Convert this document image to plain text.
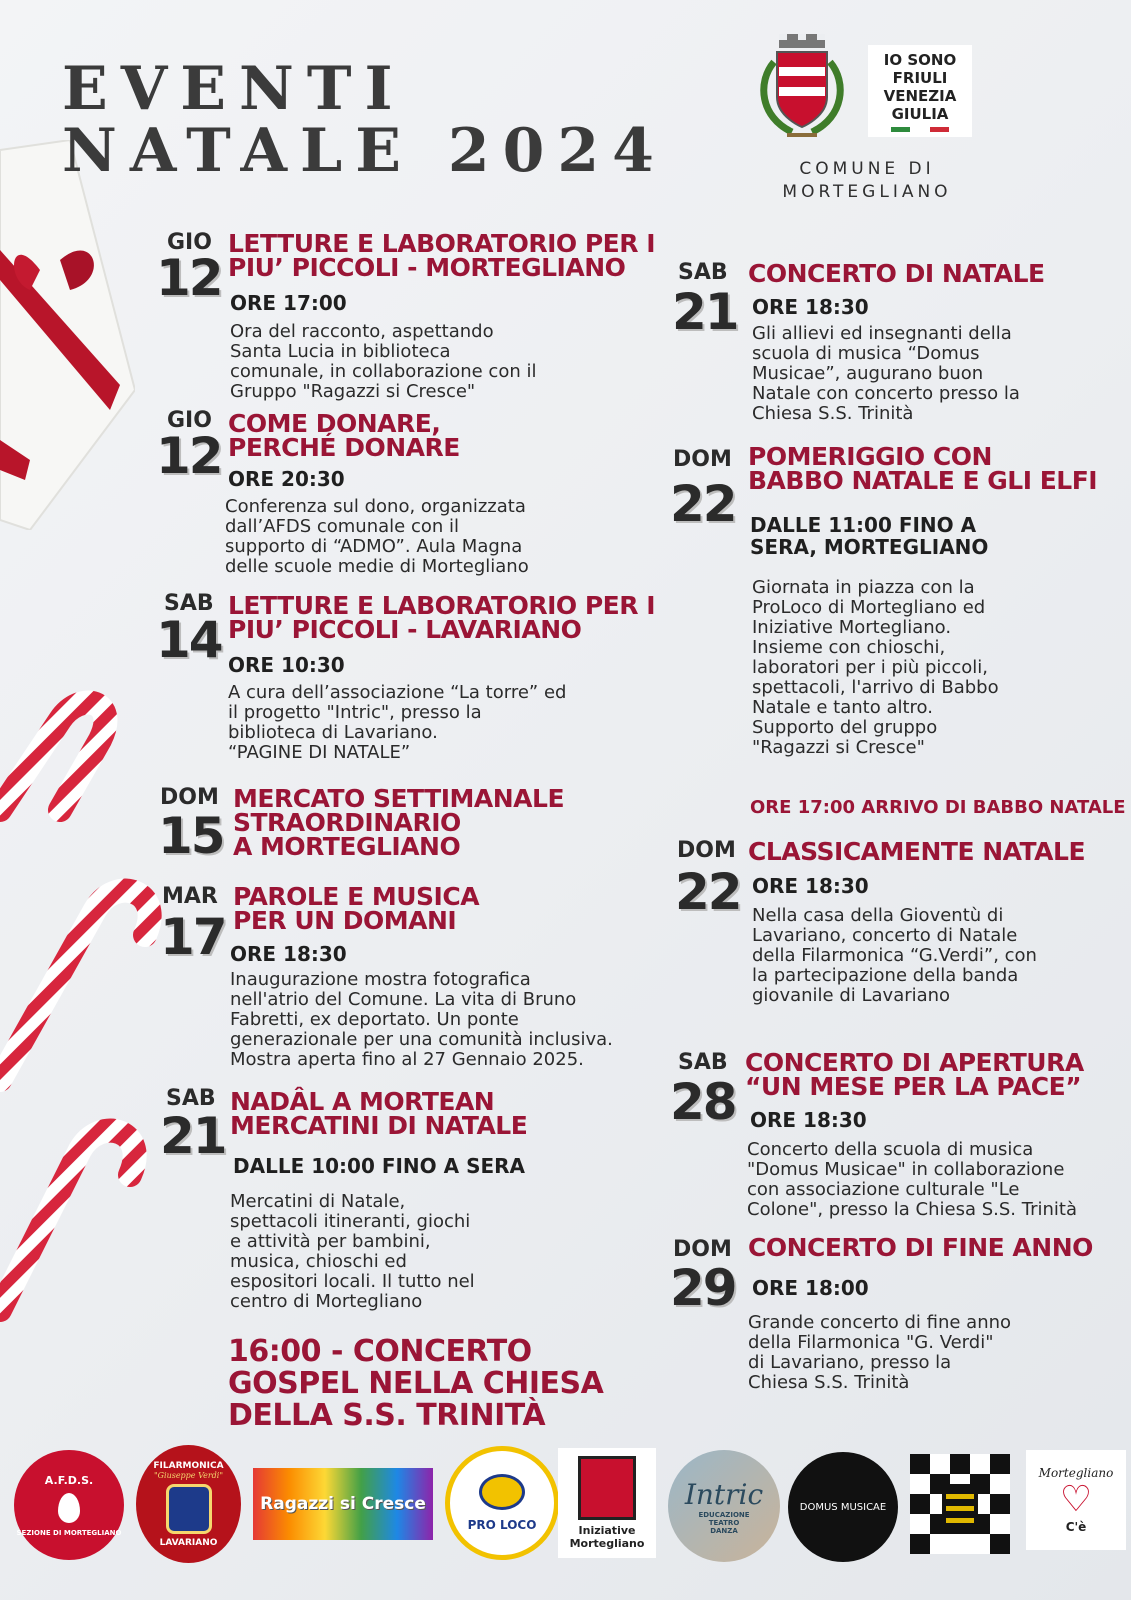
EVENTI
NATALE 2024
IO SONO
FRIULI
VENEZIA
GIULIA
COMUNE DI
MORTEGLIANO
GIO
12
LETTURE E LABORATORIO PER I
PIU’ PICCOLI - MORTEGLIANO
ORE 17:00
Ora del racconto, aspettando
Santa Lucia in biblioteca
comunale, in collaborazione con il
Gruppo "Ragazzi si Cresce"
GIO
12
COME DONARE,
PERCHÉ DONARE
ORE 20:30
Conferenza sul dono, organizzata
dall’AFDS comunale con il
supporto di “ADMO”. Aula Magna
delle scuole medie di Mortegliano
SAB
14
LETTURE E LABORATORIO PER I
PIU’ PICCOLI - LAVARIANO
ORE 10:30
A cura dell’associazione “La torre” ed
il progetto "Intric", presso la
biblioteca di Lavariano.
“PAGINE DI NATALE”
DOM
15
MERCATO SETTIMANALE
STRAORDINARIO
A MORTEGLIANO
MAR
17
PAROLE E MUSICA
PER UN DOMANI
ORE 18:30
Inaugurazione mostra fotografica
nell'atrio del Comune. La vita di Bruno
Fabretti, ex deportato. Un ponte
generazionale per una comunità inclusiva.
Mostra aperta fino al 27 Gennaio 2025.
SAB
21
NADÂL A MORTEAN
MERCATINI DI NATALE
DALLE 10:00 FINO A SERA
Mercatini di Natale,
spettacoli itineranti, giochi
e attività per bambini,
musica, chioschi ed
espositori locali. Il tutto nel
centro di Mortegliano
16:00 - CONCERTO
GOSPEL NELLA CHIESA
DELLA S.S. TRINITÀ
SAB
21
CONCERTO DI NATALE
ORE 18:30
Gli allievi ed insegnanti della
scuola di musica “Domus
Musicae”, augurano buon
Natale con concerto presso la
Chiesa S.S. Trinità
DOM
22
POMERIGGIO CON
BABBO NATALE E GLI ELFI
DALLE 11:00 FINO A
SERA, MORTEGLIANO
Giornata in piazza con la
ProLoco di Mortegliano ed
Iniziative Mortegliano.
Insieme con chioschi,
laboratori per i più piccoli,
spettacoli, l'arrivo di Babbo
Natale e tanto altro.
Supporto del gruppo
"Ragazzi si Cresce"
ORE 17:00 ARRIVO DI BABBO NATALE
DOM
22
CLASSICAMENTE NATALE
ORE 18:30
Nella casa della Gioventù di
Lavariano, concerto di Natale
della Filarmonica “G.Verdi”, con
la partecipazione della banda
giovanile di Lavariano
SAB
28
CONCERTO DI APERTURA
“UN MESE PER LA PACE”
ORE 18:30
Concerto della scuola di musica
"Domus Musicae" in collaborazione
con associazione culturale "Le
Colone", presso la Chiesa S.S. Trinità
DOM
29
CONCERTO DI FINE ANNO
ORE 18:00
Grande concerto di fine anno
della Filarmonica "G. Verdi"
di Lavariano, presso la
Chiesa S.S. Trinità
A.F.D.S.
SEZIONE DI MORTEGLIANO
FILARMONICA
"Giuseppe Verdi"
LAVARIANO
Ragazzi si Cresce
PRO LOCO	Iniziative
Mortegliano
Intric
EDUCAZIONE
TEATRO
DANZA
DOMUS MUSICAE
Mortegliano
♡
C'è
